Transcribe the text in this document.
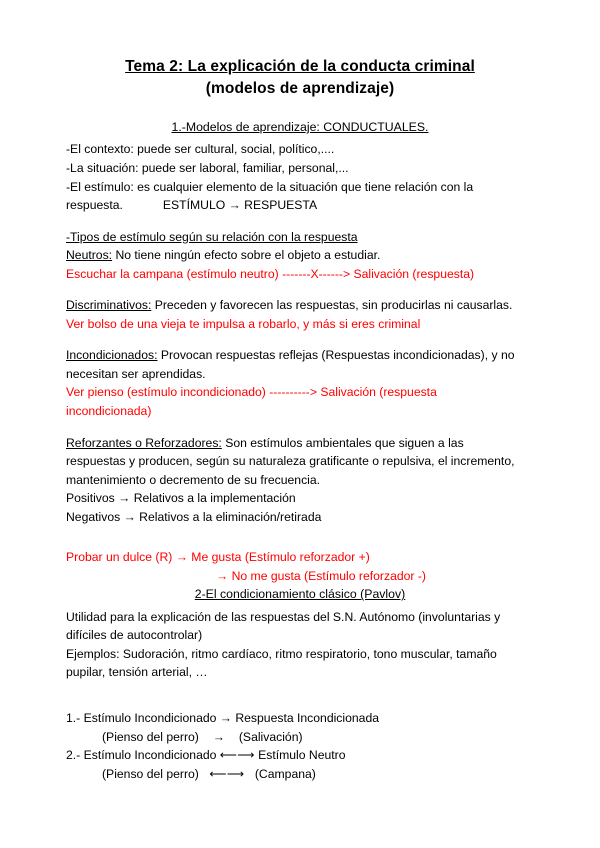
Tema 2: La explicación de la conducta criminal
(modelos de aprendizaje)
1.-Modelos de aprendizaje: CONDUCTUALES.

-El contexto: puede ser cultural, social, político,....

-La situación: puede ser laboral, familiar, personal,...

-El estímulo: es cualquier elemento de la situación que tiene relación con la

respuesta.	ESTÍMULO → RESPUESTA

-Tipos de estímulo según su relación con la respuesta

Neutros: No tiene ningún efecto sobre el objeto a estudiar.

Escuchar la campana (estímulo neutro) -------X------> Salivación (respuesta)

Discriminativos: Preceden y favorecen las respuestas, sin producirlas ni causarlas.

Ver bolso de una vieja te impulsa a robarlo, y más si eres criminal

Incondicionados: Provocan respuestas reflejas (Respuestas incondicionadas), y no

necesitan ser aprendidas.

Ver pienso (estímulo incondicionado) ----------> Salivación (respuesta

incondicionada)

Reforzantes o Reforzadores: Son estímulos ambientales que siguen a las

respuestas y producen, según su naturaleza gratificante o repulsiva, el incremento,

mantenimiento o decremento de su frecuencia.

Positivos → Relativos a la implementación

Negativos → Relativos a la eliminación/retirada

Probar un dulce (R) → Me gusta (Estímulo reforzador +)

→ No me gusta (Estímulo reforzador -)

2-El condicionamiento clásico (Pavlov)

Utilidad para la explicación de las respuestas del S.N. Autónomo (involuntarias y

difíciles de autocontrolar)

Ejemplos: Sudoración, ritmo cardíaco, ritmo respiratorio, tono muscular, tamaño

pupilar, tensión arterial, …

1.- Estímulo Incondicionado → Respuesta Incondicionada

(Pienso del perro) → (Salivación)

2.- Estímulo Incondicionado ⟵⟶ Estímulo Neutro

(Pienso del perro) ⟵⟶ (Campana)
